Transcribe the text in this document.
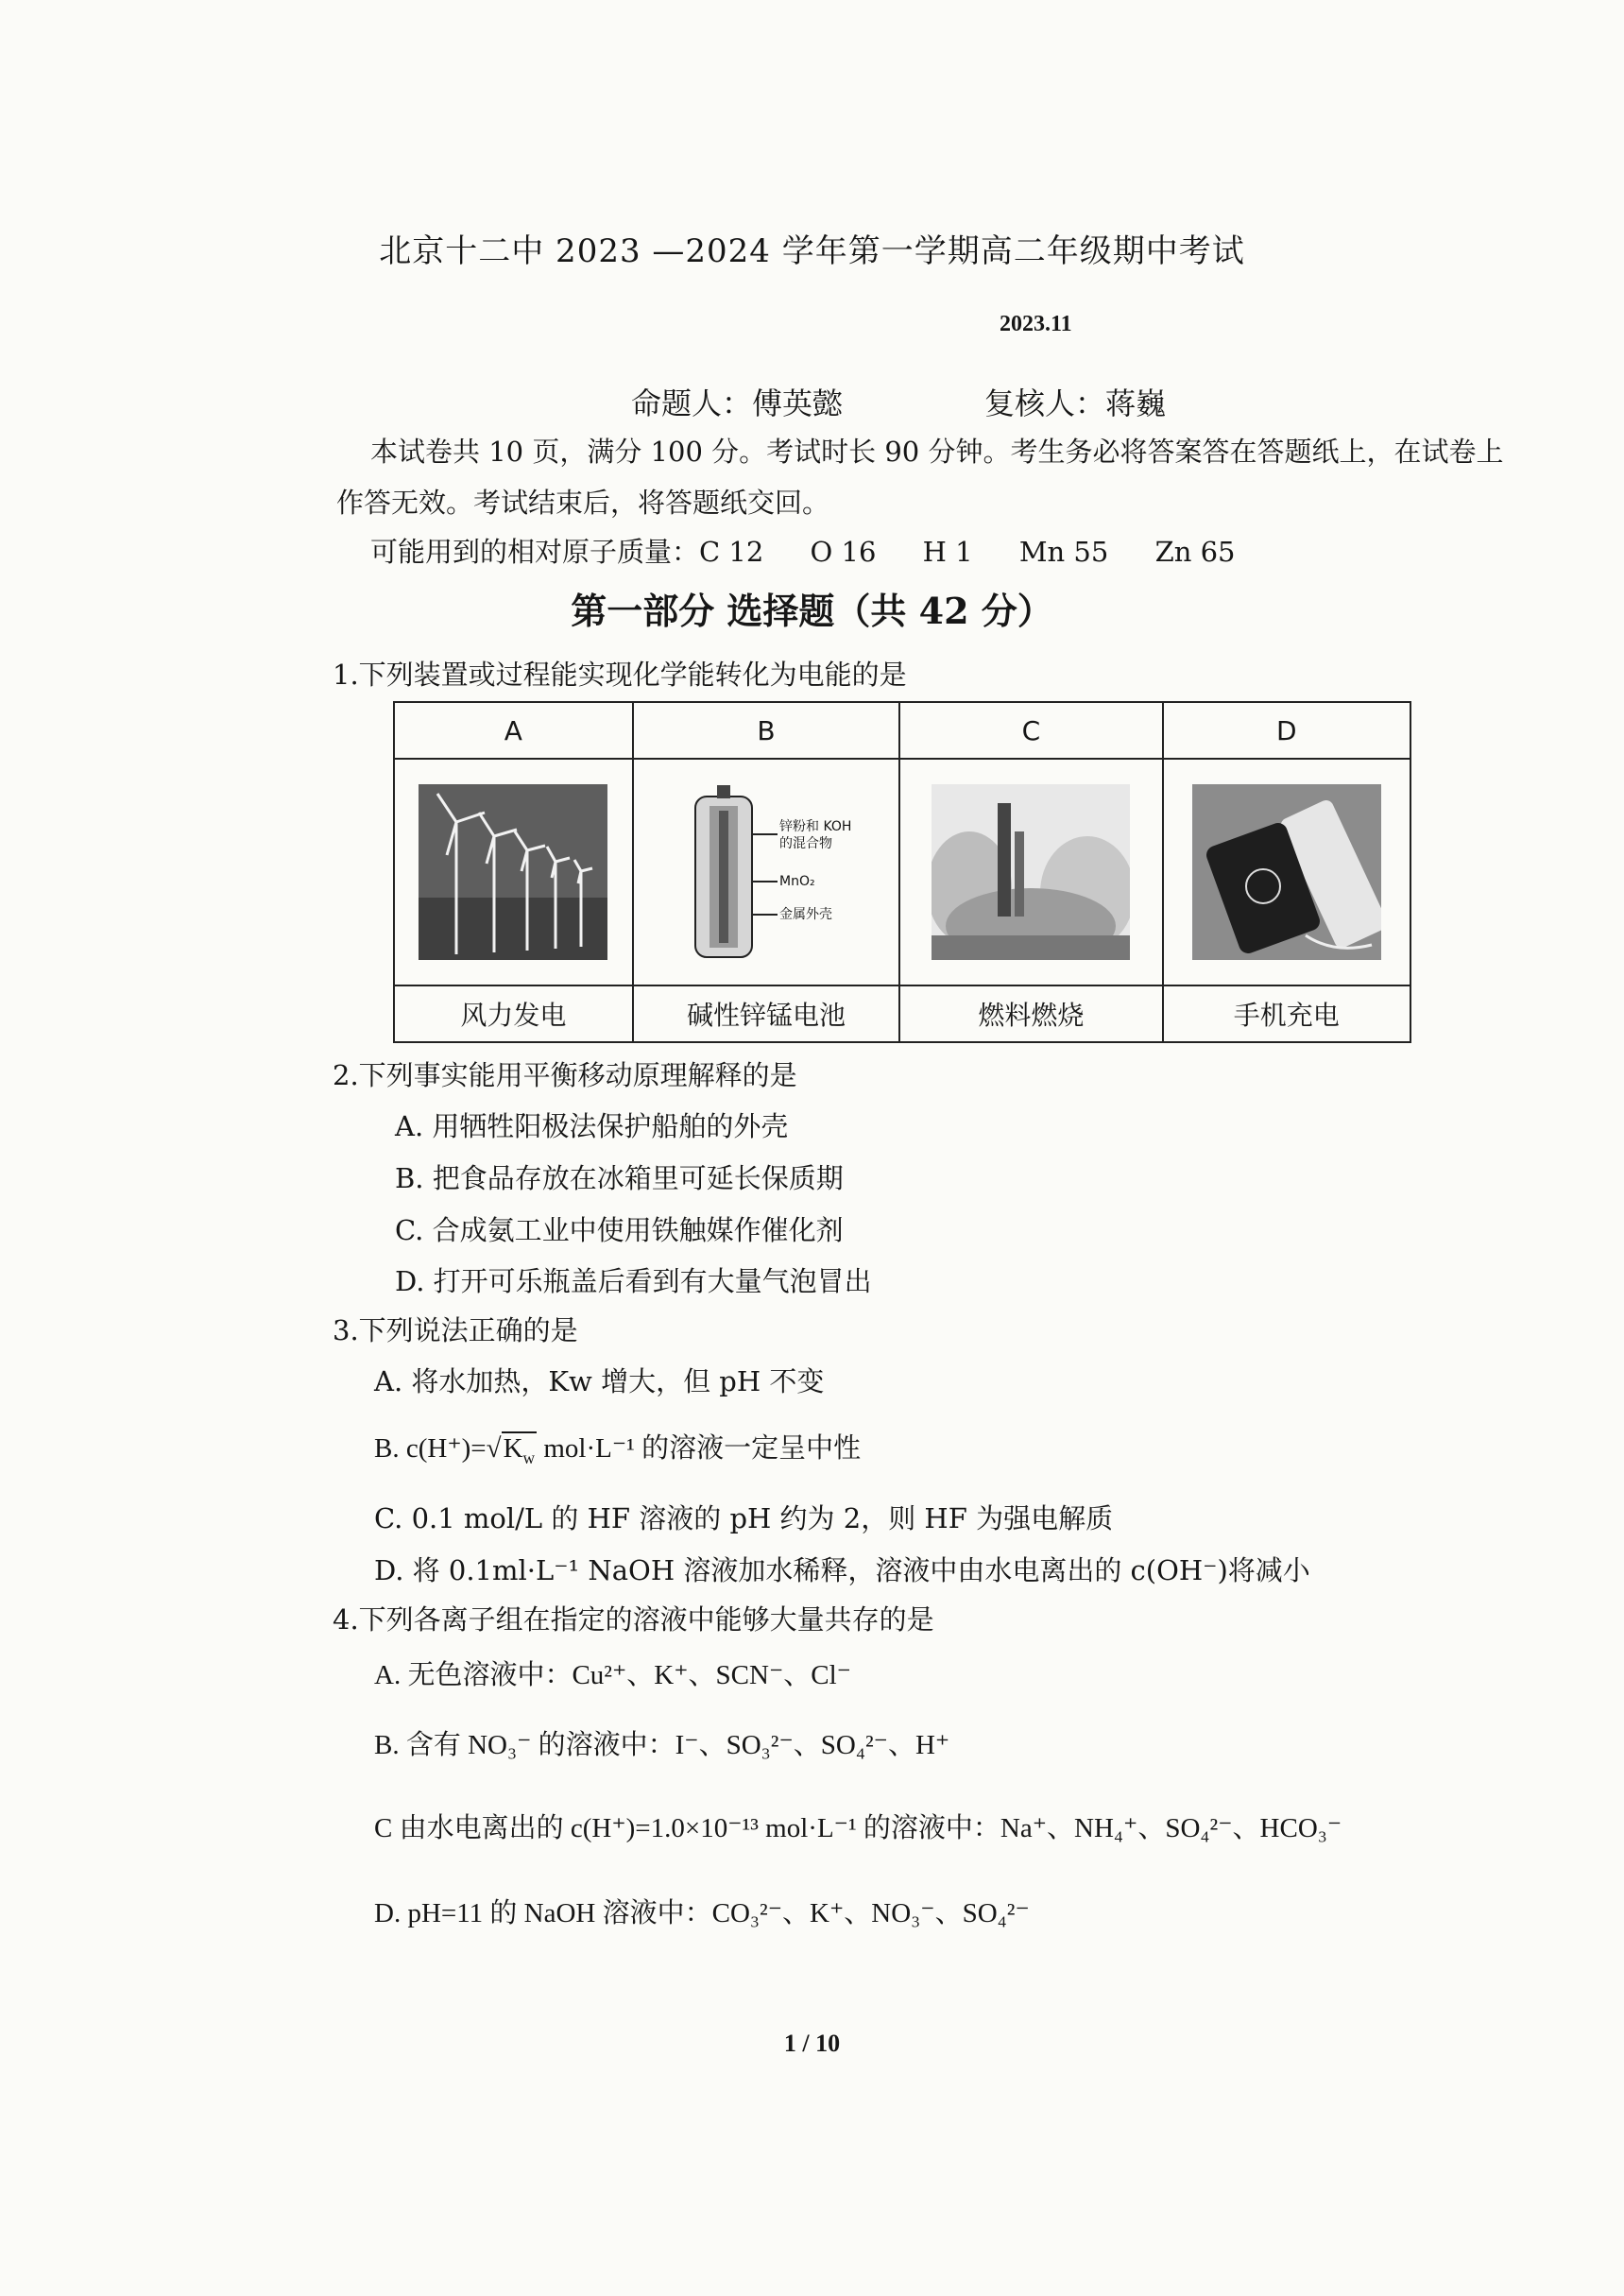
北京十二中 2023 —2024 学年第一学期高二年级期中考试
2023.11
命题人：傅英懿	复核人：蒋巍
本试卷共 10 页，满分 100 分。考试时长 90 分钟。考生务必将答案答在答题纸上，在试卷上
作答无效。考试结束后，将答题纸交回。
可能用到的相对原子质量：C 12 O 16 H 1 Mn 55 Zn 65
第一部分 选择题（共 42 分）
1.下列装置或过程能实现化学能转化为电能的是
A	B	C	D

锌粉和 KOH
的混合物
MnO₂
金属外壳

风力发电	碱性锌锰电池	燃料燃烧	手机充电
2.下列事实能用平衡移动原理解释的是
A. 用牺牲阳极法保护船舶的外壳
B. 把食品存放在冰箱里可延长保质期
C. 合成氨工业中使用铁触媒作催化剂
D. 打开可乐瓶盖后看到有大量气泡冒出
3.下列说法正确的是
A. 将水加热，Kw 增大，但 pH 不变
B. $c(H^+)=√K_w$ mol·L⁻¹ 的溶液一定呈中性
C. 0.1 mol/L 的 HF 溶液的 pH 约为 2，则 HF 为强电解质
D. 将 0.1ml·L⁻¹ NaOH 溶液加水稀释，溶液中由水电离出的 c(OH⁻)将减小
4.下列各离子组在指定的溶液中能够大量共存的是
A. 无色溶液中：Cu²⁺、K⁺、SCN⁻、Cl⁻
B. 含有 NO₃⁻ 的溶液中：I⁻、SO₃²⁻、SO₄²⁻、H⁺
C 由水电离出的 c(H⁺)=1.0×10⁻¹³ mol·L⁻¹ 的溶液中：Na⁺、NH₄⁺、SO₄²⁻、HCO₃⁻
D. pH=11 的 NaOH 溶液中：CO₃²⁻、K⁺、NO₃⁻、SO₄²⁻
1 / 10
